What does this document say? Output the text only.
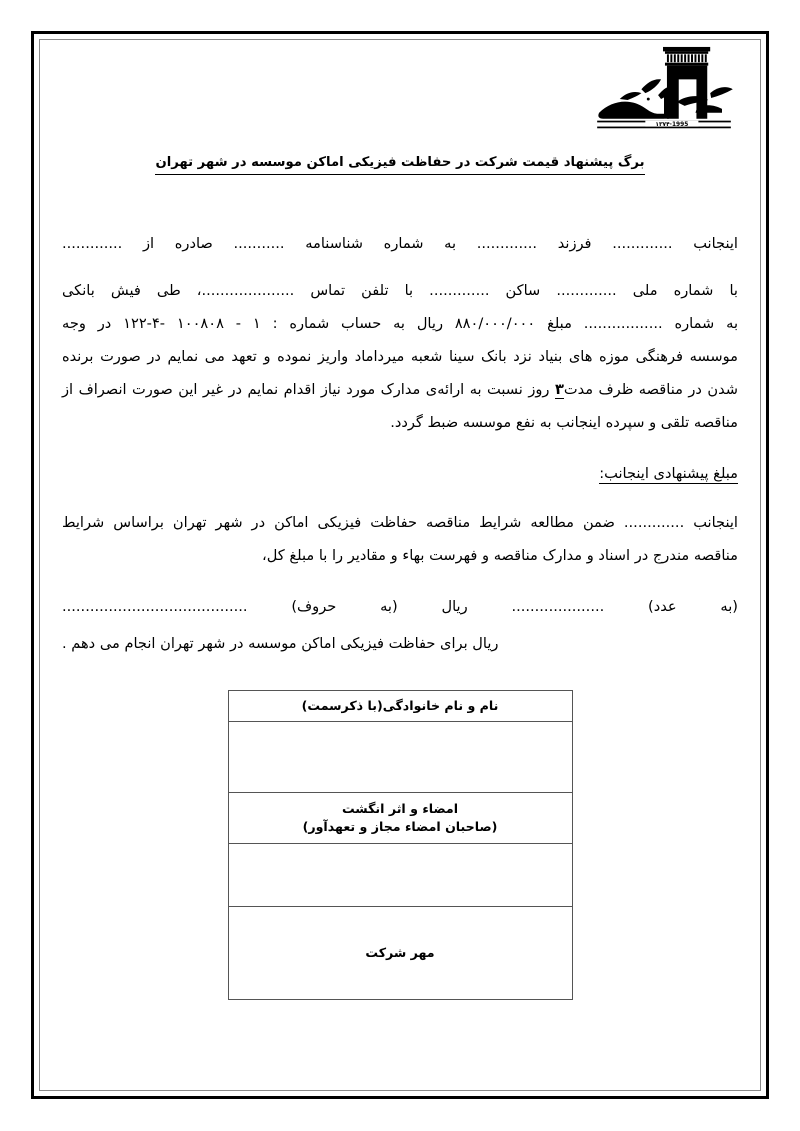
1995·۱۳۷۴
برگ پیشنهاد قیمت شرکت در حفاظت فیزیکی اماکن موسسه در شهر تهران

اینجانب ............. فرزند ............. به شماره شناسنامه ........... صادره از .............

با شماره ملی ............. ساکن ............. با تلفن تماس ....................، طی فیش بانکی

به شماره ................. مبلغ ۸۸۰/۰۰۰/۰۰۰ ریال به حساب شماره : ۱ - ۱۰۰۸۰۸ -۴-۱۲۲ در وجه

موسسه فرهنگی موزه های بنیاد نزد بانک سینا شعبه میرداماد واریز نموده و تعهد می نمایم در صورت برنده

شدن در مناقصه ظرف مدت۳ روز نسبت به ارائه‌ی مدارک مورد نیاز اقدام نمایم در غیر این صورت انصراف از

مناقصه تلقی و سپرده اینجانب به نفع موسسه ضبط گردد.

مبلغ پیشنهادی اینجانب:

اینجانب ............. ضمن مطالعه شرایط مناقصه حفاظت فیزیکی اماکن در شهر تهران براساس شرایط

مناقصه مندرج در اسناد و مدارک مناقصه و فهرست بهاء و مقادیر را با مبلغ کل،

(به عدد) .................... ریال (به حروف) ........................................
ریال برای حفاظت فیزیکی اماکن موسسه در شهر تهران انجام می دهم .
نام و نام خانوادگی(با ذکرسمت)

امضاء و اثر انگشت
(صاحبان امضاء مجاز و تعهدآور)

مهر شرکت
